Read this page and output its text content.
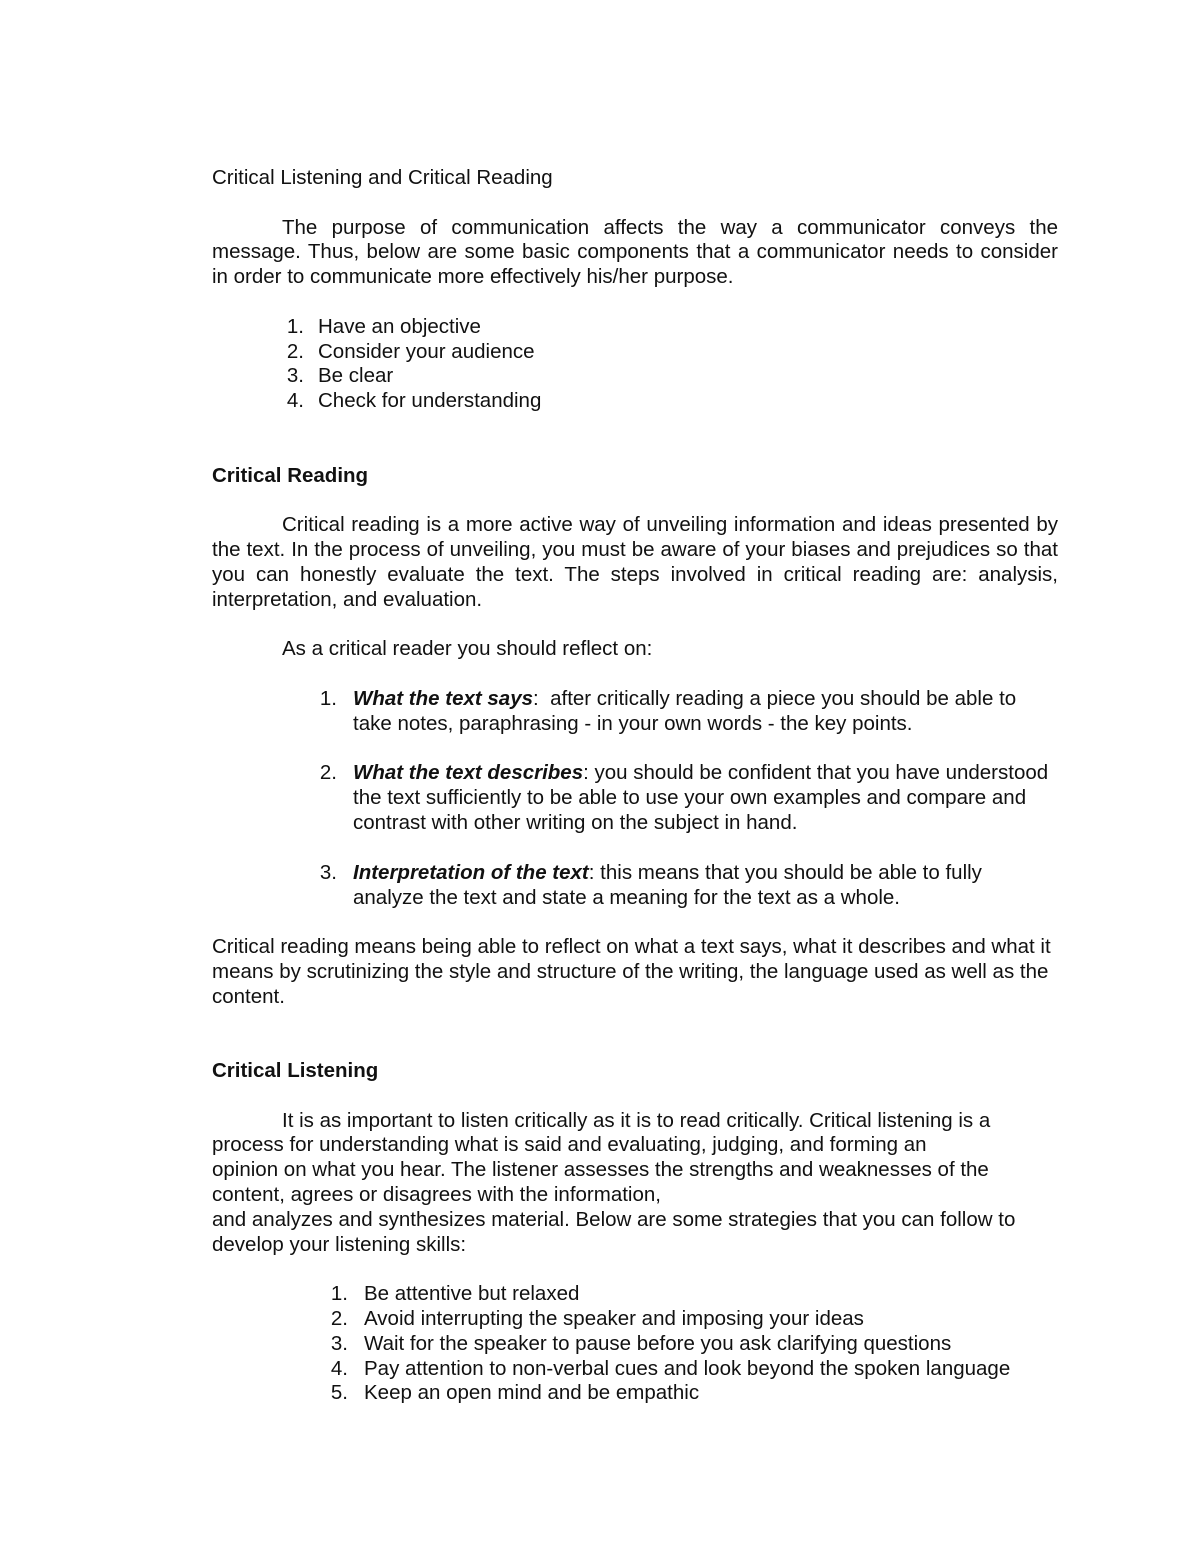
Critical Listening and Critical Reading

The purpose of communication affects the way a communicator conveys the message. Thus, below are some basic components that a communicator needs to consider in order to communicate more effectively his/her purpose.

1. Have an objective
2. Consider your audience
3. Be clear
4. Check for understanding

Critical Reading

Critical reading is a more active way of unveiling information and ideas presented by the text. In the process of unveiling, you must be aware of your biases and prejudices so that you can honestly evaluate the text. The steps involved in critical reading are: analysis, interpretation, and evaluation.

As a critical reader you should reflect on:

1. What the text says:  after critically reading a piece you should be able to take notes, paraphrasing - in your own words - the key points.
2. What the text describes: you should be confident that you have understood the text sufficiently to be able to use your own examples and compare and contrast with other writing on the subject in hand.
3. Interpretation of the text: this means that you should be able to fully analyze the text and state a meaning for the text as a whole.

Critical reading means being able to reflect on what a text says, what it describes and what it means by scrutinizing the style and structure of the writing, the language used as well as the content.

Critical Listening

It is as important to listen critically as it is to read critically. Critical listening is a
process for understanding what is said and evaluating, judging, and forming an
opinion on what you hear. The listener assesses the strengths and weaknesses of the
content, agrees or disagrees with the information,
and analyzes and synthesizes material. Below are some strategies that you can follow to
develop your listening skills:
1. Be attentive but relaxed
2. Avoid interrupting the speaker and imposing your ideas
3. Wait for the speaker to pause before you ask clarifying questions
4. Pay attention to non-verbal cues and look beyond the spoken language
5. Keep an open mind and be empathic
